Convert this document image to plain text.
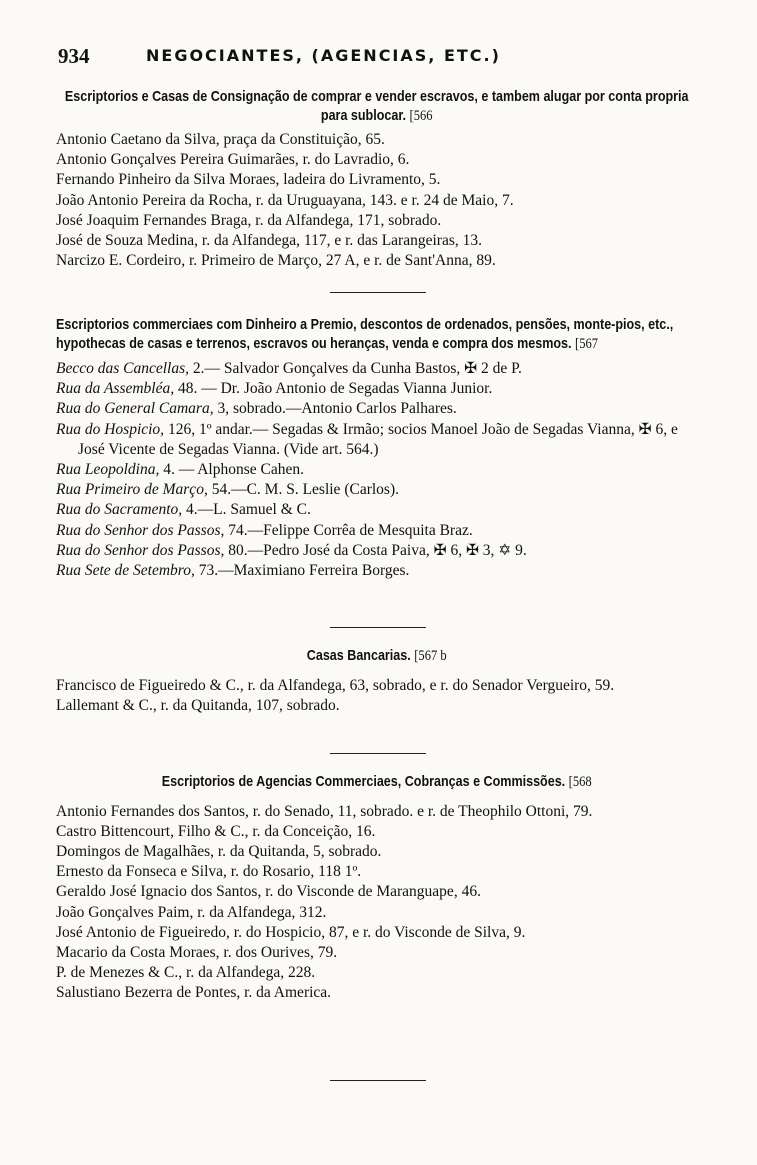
934	NEGOCIANTES, (AGENCIAS, ETC.)
Escriptorios e Casas de Consignação de comprar e vender escravos, e tambem alugar por conta propria para sublocar. [566
Antonio Caetano da Silva, praça da Constituição, 65.
Antonio Gonçalves Pereira Guimarães, r. do Lavradio, 6.
Fernando Pinheiro da Silva Moraes, ladeira do Livramento, 5.
João Antonio Pereira da Rocha, r. da Uruguayana, 143. e r. 24 de Maio, 7.
José Joaquim Fernandes Braga, r. da Alfandega, 171, sobrado.
José de Souza Medina, r. da Alfandega, 117, e r. das Larangeiras, 13.
Narcizo E. Cordeiro, r. Primeiro de Março, 27 A, e r. de Sant'Anna, 89.
Escriptorios commerciaes com Dinheiro a Premio, descontos de ordenados, pensões, monte-pios, etc., hypothecas de casas e terrenos, escravos ou heranças, venda e compra dos mesmos. [567
Becco das Cancellas, 2.— Salvador Gonçalves da Cunha Bastos, ✠ 2 de P.
Rua da Assembléa, 48. — Dr. João Antonio de Segadas Vianna Junior.
Rua do General Camara, 3, sobrado.—Antonio Carlos Palhares.
Rua do Hospicio, 126, 1º andar.— Segadas & Irmão; socios Manoel João de Segadas Vianna, ✠ 6, e José Vicente de Segadas Vianna. (Vide art. 564.)
Rua Leopoldina, 4. — Alphonse Cahen.
Rua Primeiro de Março, 54.—C. M. S. Leslie (Carlos).
Rua do Sacramento, 4.—L. Samuel & C.
Rua do Senhor dos Passos, 74.—Felippe Corrêa de Mesquita Braz.
Rua do Senhor dos Passos, 80.—Pedro José da Costa Paiva, ✠ 6, ✠ 3, ✡ 9.
Rua Sete de Setembro, 73.—Maximiano Ferreira Borges.
Casas Bancarias. [567 b
Francisco de Figueiredo & C., r. da Alfandega, 63, sobrado, e r. do Senador Vergueiro, 59.
Lallemant & C., r. da Quitanda, 107, sobrado.
Escriptorios de Agencias Commerciaes, Cobranças e Commissões. [568
Antonio Fernandes dos Santos, r. do Senado, 11, sobrado. e r. de Theophilo Ottoni, 79.
Castro Bittencourt, Filho & C., r. da Conceição, 16.
Domingos de Magalhães, r. da Quitanda, 5, sobrado.
Ernesto da Fonseca e Silva, r. do Rosario, 118 1º.
Geraldo José Ignacio dos Santos, r. do Visconde de Maranguape, 46.
João Gonçalves Paim, r. da Alfandega, 312.
José Antonio de Figueiredo, r. do Hospicio, 87, e r. do Visconde de Silva, 9.
Macario da Costa Moraes, r. dos Ourives, 79.
P. de Menezes & C., r. da Alfandega, 228.
Salustiano Bezerra de Pontes, r. da America.
